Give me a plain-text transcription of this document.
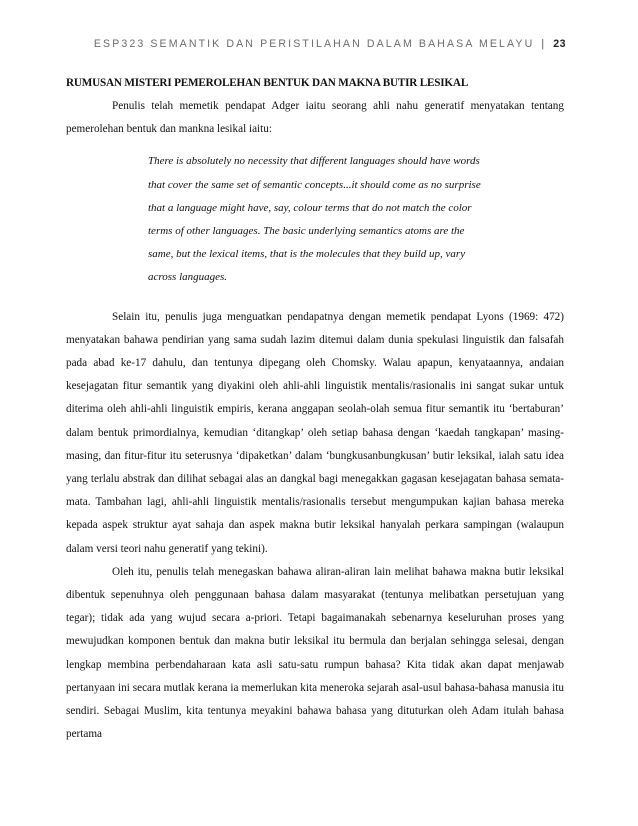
ESP323 SEMANTIK DAN PERISTILAHAN DALAM BAHASA MELAYU | 23
RUMUSAN MISTERI PEMEROLEHAN BENTUK DAN MAKNA BUTIR LESIKAL

Penulis telah memetik pendapat Adger iaitu seorang ahli nahu generatif menyatakan tentang pemerolehan bentuk dan mankna lesikal iaitu:

There is absolutely no necessity that different languages should have words
that cover the same set of semantic concepts...it should come as no surprise
that a language might have, say, colour terms that do not match the color
terms of other languages. The basic underlying semantics atoms are the
same, but the lexical items, that is the molecules that they build up, vary
across languages.

Selain itu, penulis juga menguatkan pendapatnya dengan memetik pendapat Lyons (1969: 472) menyatakan bahawa pendirian yang sama sudah lazim ditemui dalam dunia spekulasi linguistik dan falsafah pada abad ke-17 dahulu, dan tentunya dipegang oleh Chomsky. Walau apapun, kenyataannya, andaian kesejagatan fitur semantik yang diyakini oleh ahli-ahli linguistik mentalis/rasionalis ini sangat sukar untuk diterima oleh ahli-ahli linguistik empiris, kerana anggapan seolah-olah semua fitur semantik itu ‘bertaburan’ dalam bentuk primordialnya, kemudian ‘ditangkap’ oleh setiap bahasa dengan ‘kaedah tangkapan’ masing-masing, dan fitur-fitur itu seterusnya ‘dipaketkan’ dalam ‘bungkusanbungkusan’ butir leksikal, ialah satu idea yang terlalu abstrak dan dilihat sebagai alas an dangkal bagi menegakkan gagasan kesejagatan bahasa semata-mata. Tambahan lagi, ahli-ahli linguistik mentalis/rasionalis tersebut mengumpukan kajian bahasa mereka kepada aspek struktur ayat sahaja dan aspek makna butir leksikal hanyalah perkara sampingan (walaupun dalam versi teori nahu generatif yang tekini).

Oleh itu, penulis telah menegaskan bahawa aliran-aliran lain melihat bahawa makna butir leksikal dibentuk sepenuhnya oleh penggunaan bahasa dalam masyarakat (tentunya melibatkan persetujuan yang tegar); tidak ada yang wujud secara a-priori. Tetapi bagaimanakah sebenarnya keseluruhan proses yang mewujudkan komponen bentuk dan makna butir leksikal itu bermula dan berjalan sehingga selesai, dengan lengkap membina perbendaharaan kata asli satu-satu rumpun bahasa? Kita tidak akan dapat menjawab pertanyaan ini secara mutlak kerana ia memerlukan kita meneroka sejarah asal-usul bahasa-bahasa manusia itu sendiri. Sebagai Muslim, kita tentunya meyakini bahawa bahasa yang dituturkan oleh Adam itulah bahasa pertama
